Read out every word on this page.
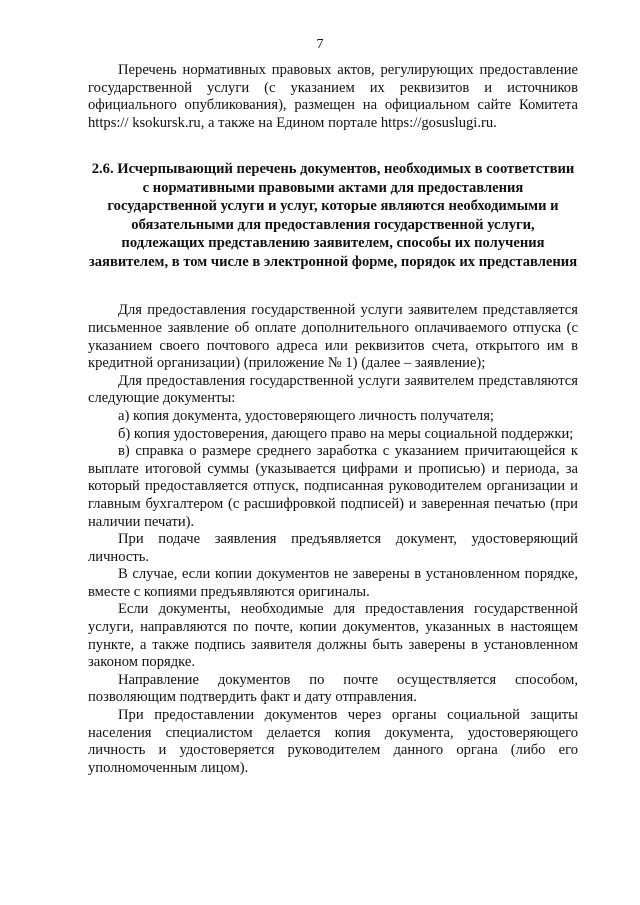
7

Перечень нормативных правовых актов, регулирующих предоставление государственной услуги (с указанием их реквизитов и источников официального опубликования), размещен на официальном сайте Комитета https:// ksokursk.ru, а также на Едином портале https://gosuslugi.ru.

2.6. Исчерпывающий перечень документов, необходимых в соответствии с нормативными правовыми актами для предоставления государственной услуги и услуг, которые являются необходимыми и обязательными для предоставления государственной услуги, подлежащих представлению заявителем, способы их получения заявителем, в том числе в электронной форме, порядок их представления

Для предоставления государственной услуги заявителем представляется письменное заявление об оплате дополнительного оплачиваемого отпуска (с указанием своего почтового адреса или реквизитов счета, открытого им в кредитной организации) (приложение № 1) (далее – заявление);

Для предоставления государственной услуги заявителем представляются следующие документы:

а) копия документа, удостоверяющего личность получателя;

б) копия удостоверения, дающего право на меры социальной поддержки;

в) справка о размере среднего заработка с указанием причитающейся к выплате итоговой суммы (указывается цифрами и прописью) и периода, за который предоставляется отпуск, подписанная руководителем организации и главным бухгалтером (с расшифровкой подписей) и заверенная печатью (при наличии печати).

При подаче заявления предъявляется документ, удостоверяющий личность.

В случае, если копии документов не заверены в установленном порядке, вместе с копиями предъявляются оригиналы.

Если документы, необходимые для предоставления государственной услуги, направляются по почте, копии документов, указанных в настоящем пункте, а также подпись заявителя должны быть заверены в установленном законом порядке.

Направление документов по почте осуществляется способом, позволяющим подтвердить факт и дату отправления.

При предоставлении документов через органы социальной защиты населения специалистом делается копия документа, удостоверяющего личность и удостоверяется руководителем данного органа (либо его уполномоченным лицом).
